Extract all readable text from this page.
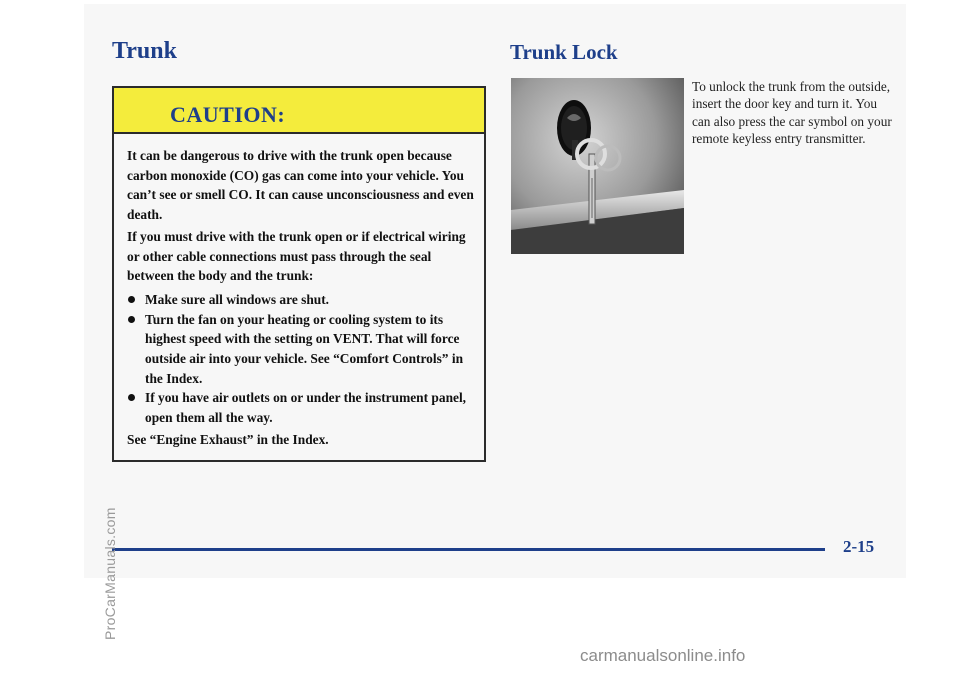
Trunk	Trunk Lock
CAUTION:

It can be dangerous to drive with the trunk open because carbon monoxide (CO) gas can come into your vehicle. You can’t see or smell CO. It can cause unconsciousness and even death.

If you must drive with the trunk open or if electrical wiring or other cable connections must pass through the seal between the body and the trunk:

Make sure all windows are shut.
Turn the fan on your heating or cooling system to its highest speed with the setting on VENT. That will force outside air into your vehicle. See “Comfort Controls” in the Index.
If you have air outlets on or under the instrument panel, open them all the way.

See “Engine Exhaust” in the Index.

To unlock the trunk from the outside, insert the door key and turn it. You can also press the car symbol on your remote keyless entry transmitter.
2-15
ProCarManuals.com
carmanualsonline.info
